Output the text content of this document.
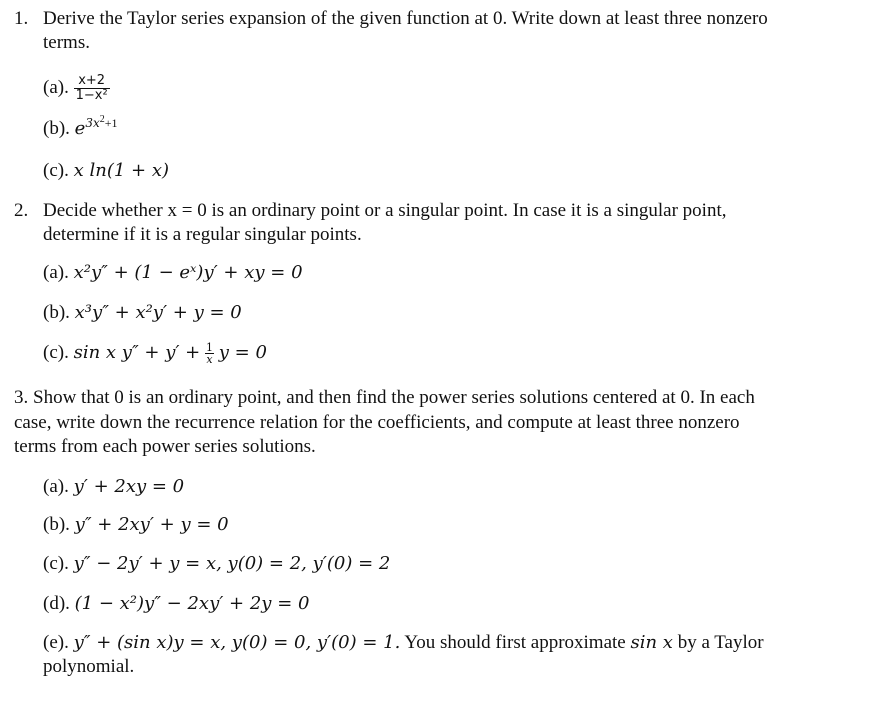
1. Derive the Taylor series expansion of the given function at 0. Write down at least three nonzero
terms.
(a). $\frac{x+2}{\text{1−x²}}$
(b). $e^{3x^2+1}$
(c). x ln(1 + x)
2. Decide whether x = 0 is an ordinary point or a singular point. In case it is a singular point,
determine if it is a regular singular points.
(a). x²y″ + (1 − eˣ)y′ + xy = 0
(b). x³y″ + x²y′ + y = 0
(c). sin x $y'' + y' + \frac{1}{x}$ y = 0
3. Show that 0 is an ordinary point, and then find the power series solutions centered at 0. In each
case, write down the recurrence relation for the coefficients, and compute at least three nonzero
terms from each power series solutions.
(a). y′ + 2xy = 0
(b). y″ + 2xy′ + y = 0
(c). y″ − 2y′ + y = x, y(0) = 2, y′(0) = 2
(d). (1 − x²)y″ − 2xy′ + 2y = 0
(e). y″ + (sin x)y = x, y(0) = 0, y′(0) = 1. You should first approximate sin x by a Taylor
polynomial.
